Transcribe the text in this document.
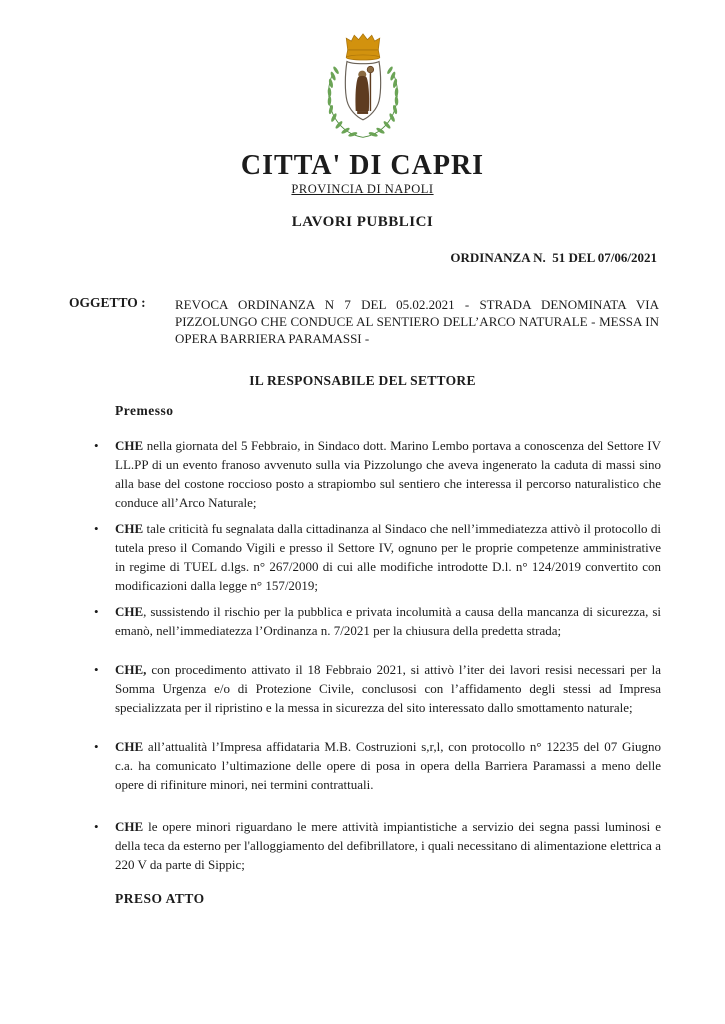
CITTA' DI CAPRI
PROVINCIA DI NAPOLI
LAVORI PUBBLICI
ORDINANZA N.  51 DEL 07/06/2021
OGGETTO :	REVOCA ORDINANZA N 7 DEL 05.02.2021 - STRADA DENOMINATA VIA PIZZOLUNGO CHE CONDUCE AL SENTIERO DELL’ARCO NATURALE - MESSA IN OPERA BARRIERA PARAMASSI -

IL RESPONSABILE DEL SETTORE
Premesso
• CHE nella giornata del 5 Febbraio, in Sindaco dott. Marino Lembo portava a conoscenza del Settore IV LL.PP di un evento franoso avvenuto sulla via Pizzolungo che aveva ingenerato la caduta di massi sino alla base del costone roccioso posto a strapiombo sul sentiero che interessa il percorso naturalistico che conduce all’Arco Naturale;
• CHE tale criticità fu segnalata dalla cittadinanza al Sindaco che nell’immediatezza attivò il protocollo di tutela preso il Comando Vigili e presso il Settore IV, ognuno per le proprie competenze amministrative in regime di TUEL d.lgs. n° 267/2000 di cui alle modifiche introdotte D.l. n° 124/2019 convertito con modificazioni dalla legge n° 157/2019;
• CHE, sussistendo il rischio per la pubblica e privata incolumità a causa della mancanza di sicurezza, si emanò, nell’immediatezza l’Ordinanza n. 7/2021 per la chiusura della predetta strada;
• CHE, con procedimento attivato il 18 Febbraio 2021, si attivò l’iter dei lavori resisi necessari per la Somma Urgenza e/o di Protezione Civile, conclusosi con l’affidamento degli stessi ad Impresa specializzata per il ripristino e la messa in sicurezza del sito interessato dallo smottamento naturale;
• CHE all’attualità l’Impresa affidataria M.B. Costruzioni s,r,l, con protocollo n° 12235 del 07 Giugno c.a. ha comunicato l’ultimazione delle opere di posa in opera della Barriera Paramassi a meno delle opere di rifiniture minori, nei termini contrattuali.
• CHE le opere minori riguardano le mere attività impiantistiche a servizio dei segna passi luminosi e della teca da esterno per l'alloggiamento del defibrillatore, i quali necessitano di alimentazione elettrica a 220 V da parte di Sippic;
PRESO ATTO
